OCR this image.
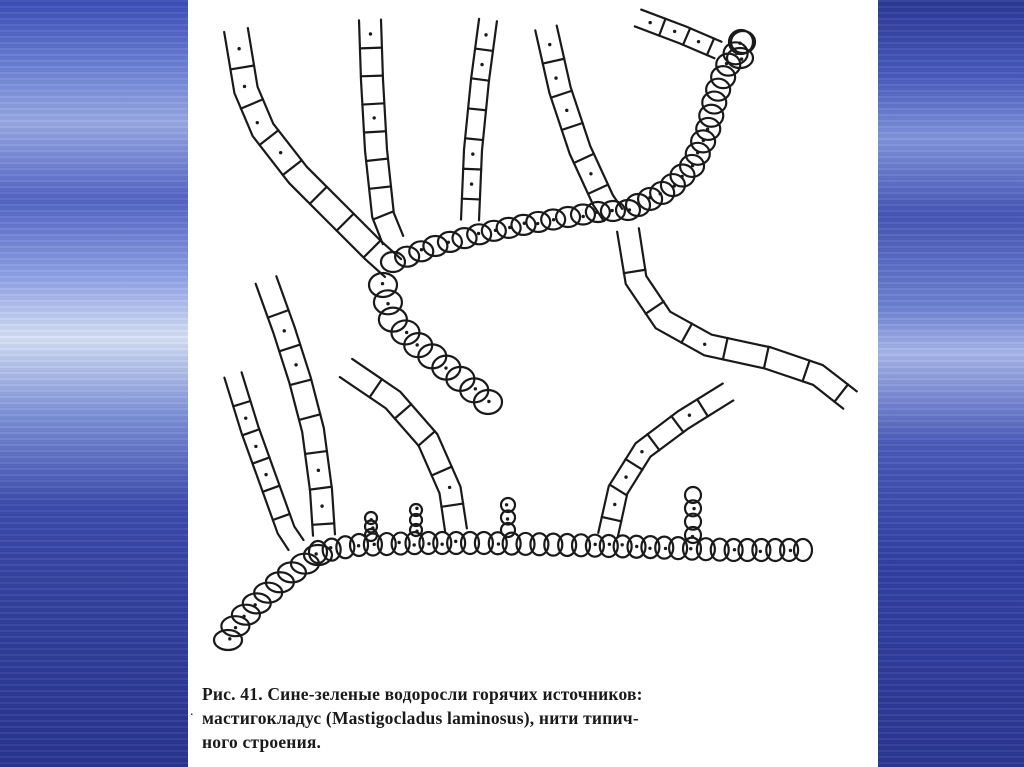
.
Рис. 41. Сине-зеленые водоросли горячих источников:
мастигокладус (Mastigocladus laminosus), нити типич-
ного строения.
